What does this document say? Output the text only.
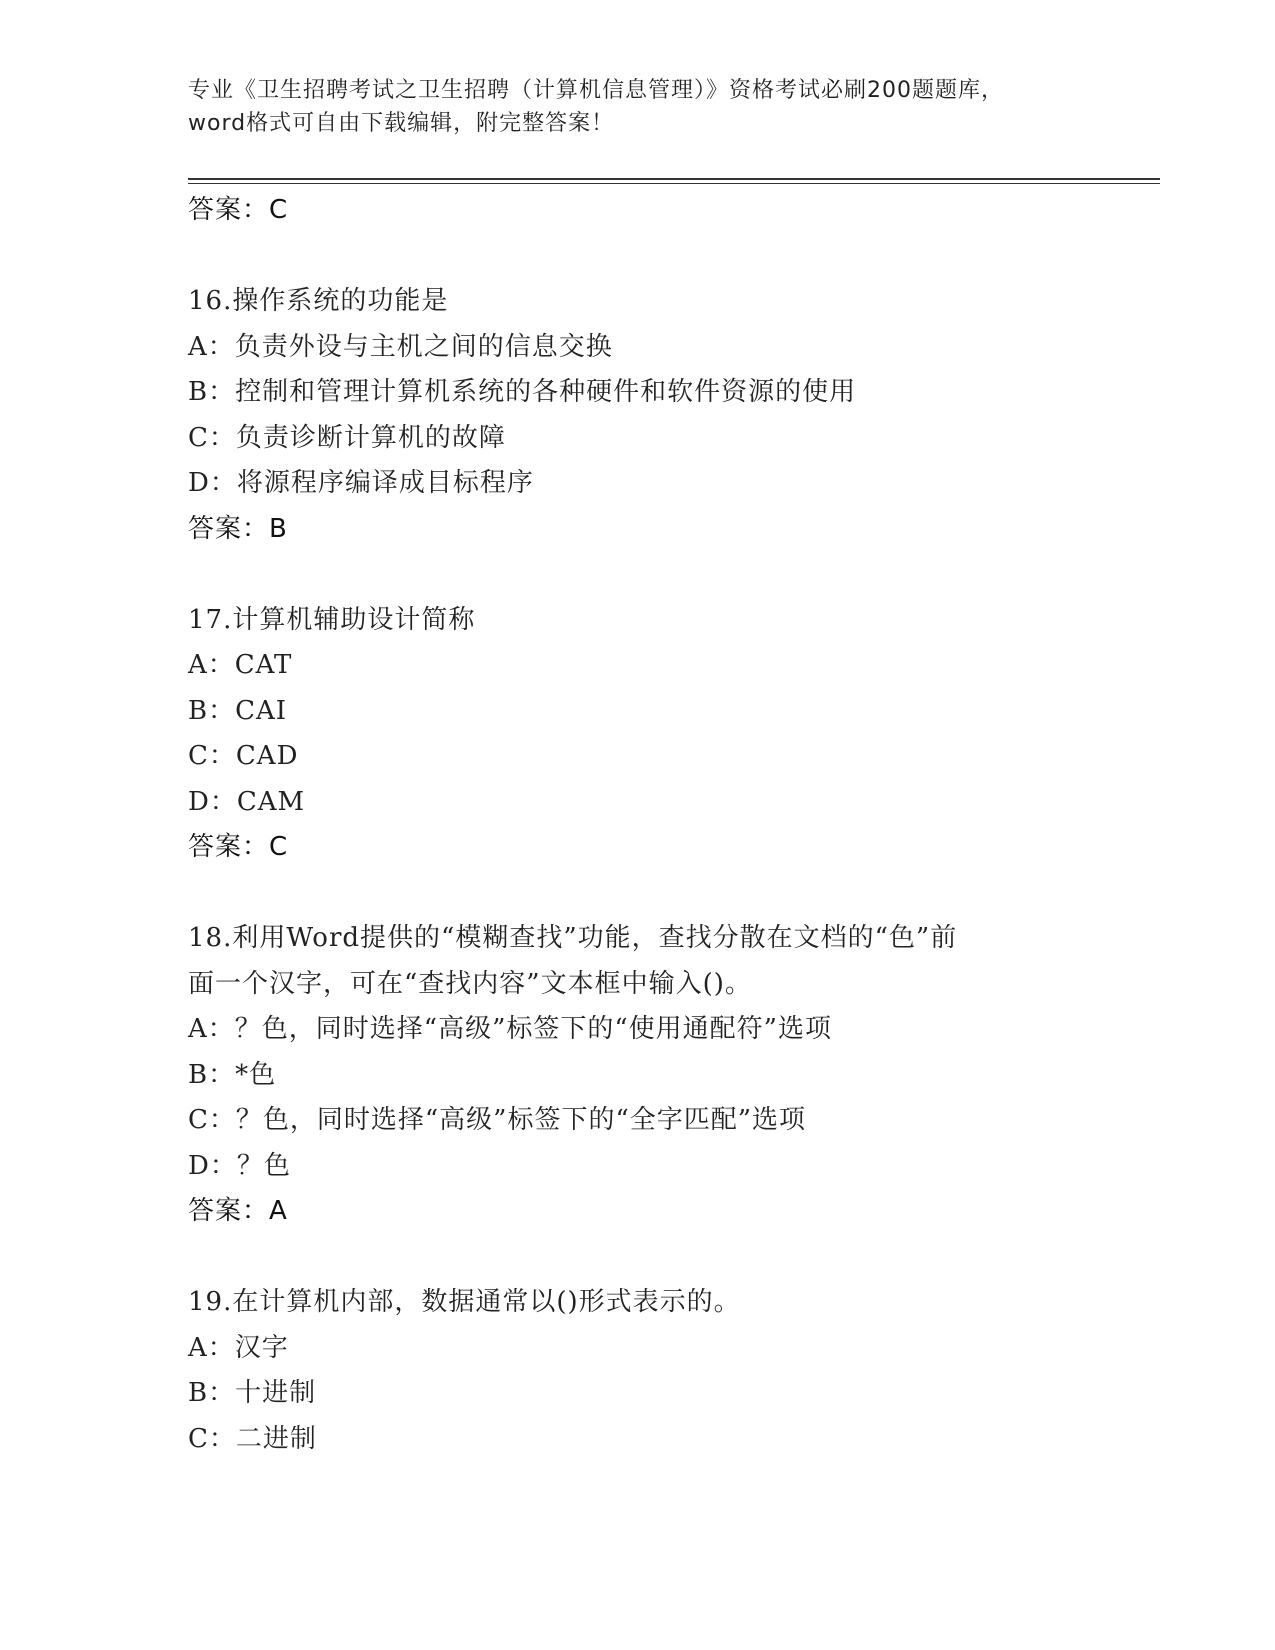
专业《卫生招聘考试之卫生招聘（计算机信息管理）》资格考试必刷200题题库，
word格式可自由下载编辑，附完整答案！
答案：C
16.操作系统的功能是
A：负责外设与主机之间的信息交换
B：控制和管理计算机系统的各种硬件和软件资源的使用
C：负责诊断计算机的故障
D：将源程序编译成目标程序
答案：B
17.计算机辅助设计简称
A：CAT
B：CAI
C：CAD
D：CAM
答案：C
18.利用Word提供的“模糊查找”功能，查找分散在文档的“色”前
面一个汉字，可在“查找内容”文本框中输入()。
A：？色，同时选择“高级”标签下的“使用通配符”选项
B：*色
C：？色，同时选择“高级”标签下的“全字匹配”选项
D：？色
答案：A
19.在计算机内部，数据通常以()形式表示的。
A：汉字
B：十进制
C：二进制
